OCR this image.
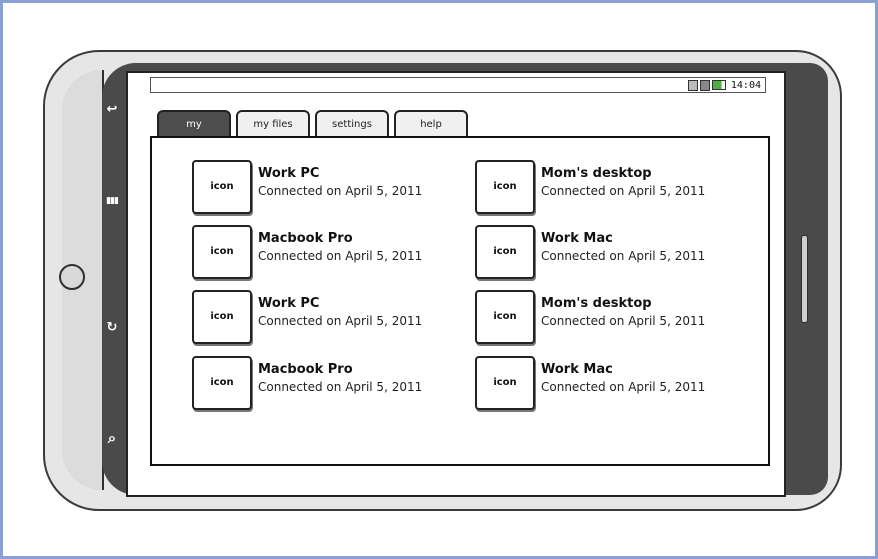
↩
▮▮▮
↻
⌕
14:04
my	my files	settings	help
icon
Work PC
Connected on April 5, 2011
icon
Macbook Pro
Connected on April 5, 2011
icon
Work PC
Connected on April 5, 2011
icon
Macbook Pro
Connected on April 5, 2011
icon
Mom's desktop
Connected on April 5, 2011
icon
Work Mac
Connected on April 5, 2011
icon
Mom's desktop
Connected on April 5, 2011
icon
Work Mac
Connected on April 5, 2011
